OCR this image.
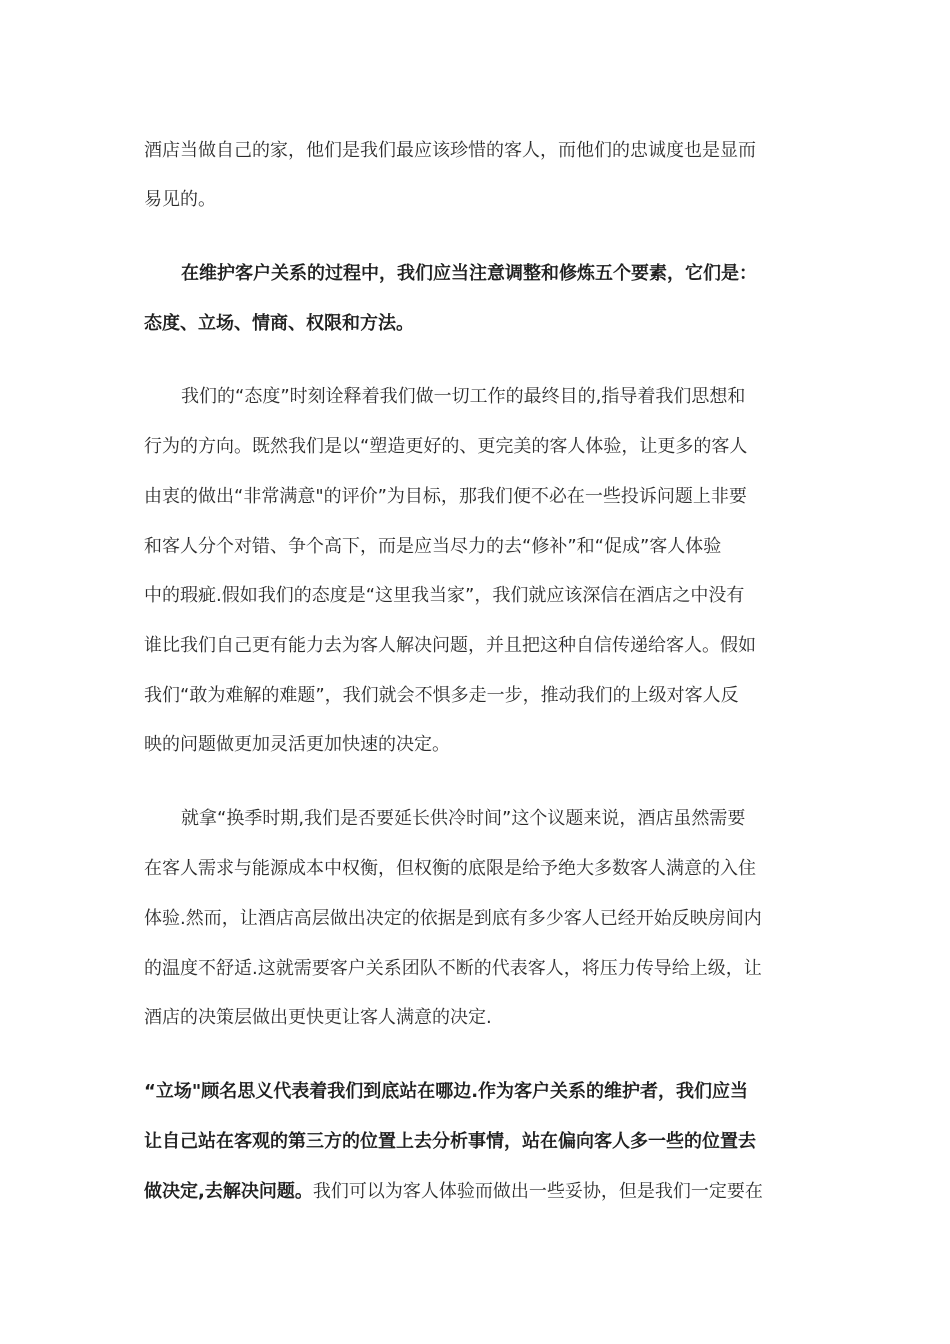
酒店当做自己的家，他们是我们最应该珍惜的客人，而他们的忠诚度也是显而
易见的。
在维护客户关系的过程中，我们应当注意调整和修炼五个要素，它们是：
态度、立场、情商、权限和方法。
我们的“态度”时刻诠释着我们做一切工作的最终目的,指导着我们思想和
行为的方向。既然我们是以“塑造更好的、更完美的客人体验，让更多的客人
由衷的做出“非常满意"的评价”为目标，那我们便不必在一些投诉问题上非要
和客人分个对错、争个高下，而是应当尽力的去“修补”和“促成”客人体验
中的瑕疵.假如我们的态度是“这里我当家”，我们就应该深信在酒店之中没有
谁比我们自己更有能力去为客人解决问题，并且把这种自信传递给客人。假如
我们“敢为难解的难题”，我们就会不惧多走一步，推动我们的上级对客人反
映的问题做更加灵活更加快速的决定。
就拿“换季时期,我们是否要延长供冷时间”这个议题来说，酒店虽然需要
在客人需求与能源成本中权衡，但权衡的底限是给予绝大多数客人满意的入住
体验.然而，让酒店高层做出决定的依据是到底有多少客人已经开始反映房间内
的温度不舒适.这就需要客户关系团队不断的代表客人，将压力传导给上级，让
酒店的决策层做出更快更让客人满意的决定.
“立场"顾名思义代表着我们到底站在哪边.作为客户关系的维护者，我们应当
让自己站在客观的第三方的位置上去分析事情，站在偏向客人多一些的位置去
做决定,去解决问题。我们可以为客人体验而做出一些妥协，但是我们一定要在
